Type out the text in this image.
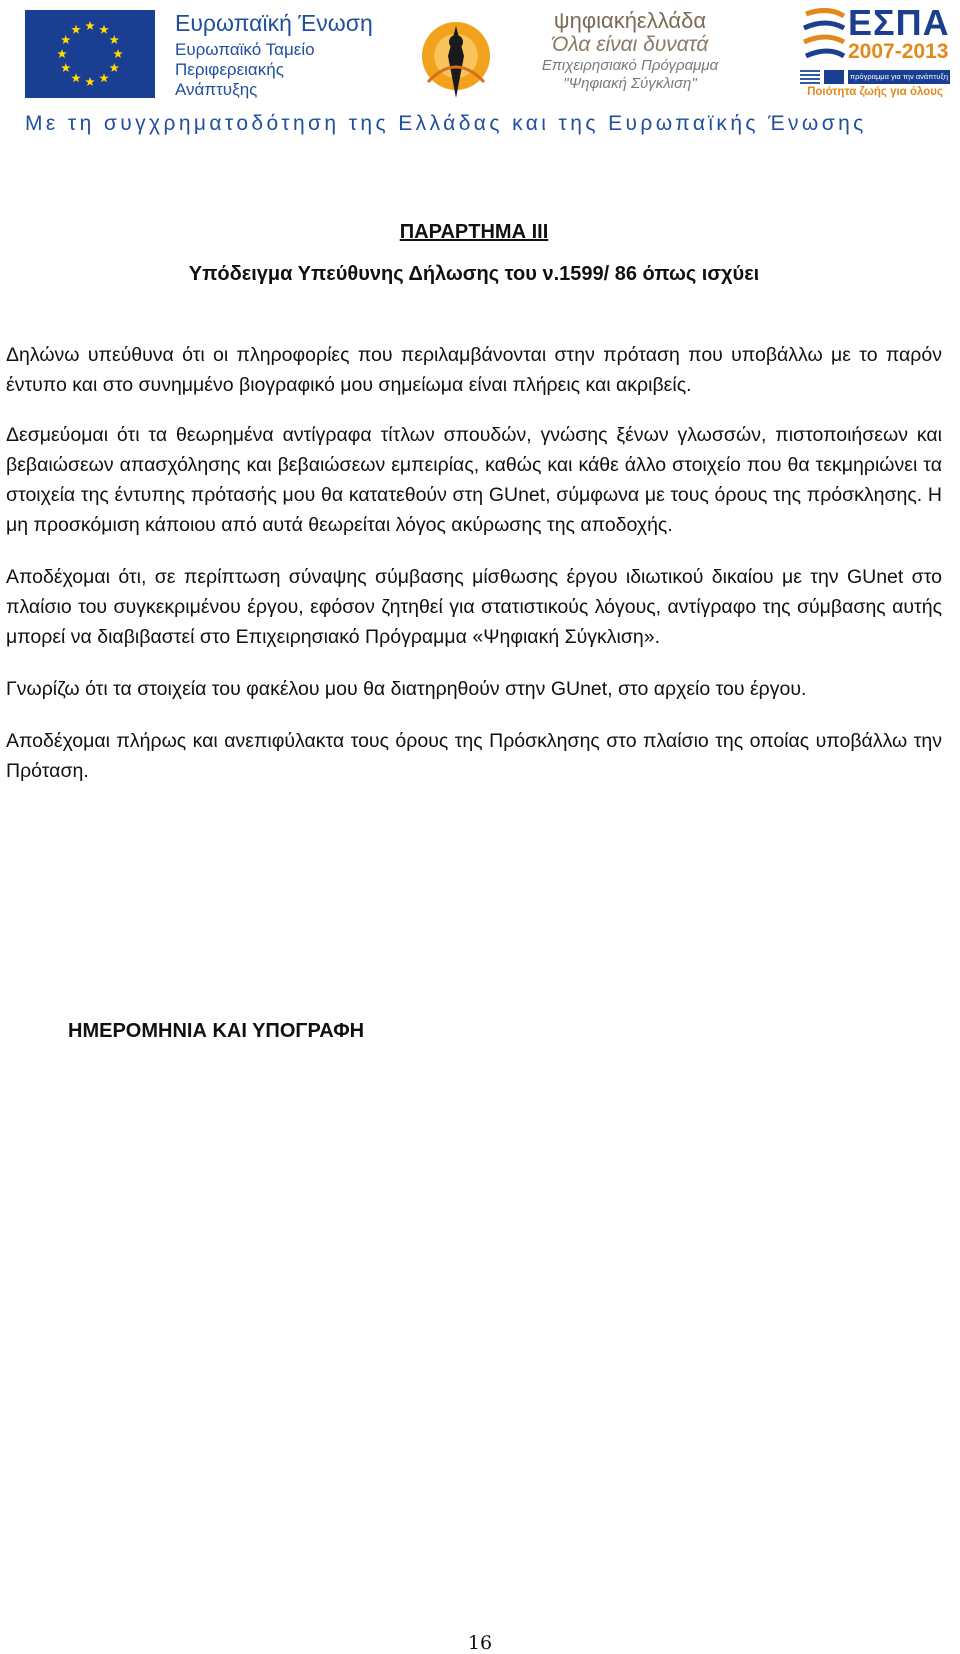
Ευρωπαϊκή Ένωση
Ευρωπαϊκό Ταμείο
Περιφερειακής
Ανάπτυξης
ψηφιακήελλάδα
Όλα είναι δυνατά
Επιχειρησιακό Πρόγραμμα
"Ψηφιακή Σύγκλιση"
ΕΣΠΑ
2007-2013
πρόγραμμα για την ανάπτυξη
Ποιότητα ζωής για όλους
Με τη συγχρηματοδότηση της Ελλάδας και της Ευρωπαϊκής Ένωσης

ΠΑΡΑΡΤΗΜΑ ΙΙΙ

Υπόδειγμα Υπεύθυνης Δήλωσης του ν.1599/ 86 όπως ισχύει

Δηλώνω υπεύθυνα ότι οι πληροφορίες που περιλαμβάνονται στην πρόταση που υποβάλλω με το παρόν έντυπο και στο συνημμένο βιογραφικό μου σημείωμα είναι πλήρεις και ακριβείς.

Δεσμεύομαι ότι τα θεωρημένα αντίγραφα τίτλων σπουδών, γνώσης ξένων γλωσσών, πιστοποιήσεων και βεβαιώσεων απασχόλησης και βεβαιώσεων εμπειρίας, καθώς και κάθε άλλο στοιχείο που θα τεκμηριώνει τα στοιχεία της έντυπης πρότασής μου θα κατατεθούν στη GUnet, σύμφωνα με τους όρους της πρόσκλησης. Η μη προσκόμιση κάποιου από αυτά θεωρείται λόγος ακύρωσης της αποδοχής.

Αποδέχομαι ότι, σε περίπτωση σύναψης σύμβασης μίσθωσης έργου ιδιωτικού δικαίου με την GUnet στο πλαίσιο του συγκεκριμένου έργου, εφόσον ζητηθεί για στατιστικούς λόγους, αντίγραφο της σύμβασης αυτής μπορεί να διαβιβαστεί στο Επιχειρησιακό Πρόγραμμα «Ψηφιακή Σύγκλιση».

Γνωρίζω ότι τα στοιχεία του φακέλου μου θα διατηρηθούν στην GUnet, στο αρχείο του έργου.

Αποδέχομαι πλήρως και ανεπιφύλακτα τους όρους της Πρόσκλησης στο πλαίσιο της οποίας υποβάλλω την Πρόταση.

ΗΜΕΡΟΜΗΝΙΑ ΚΑΙ ΥΠΟΓΡΑΦΗ
16
